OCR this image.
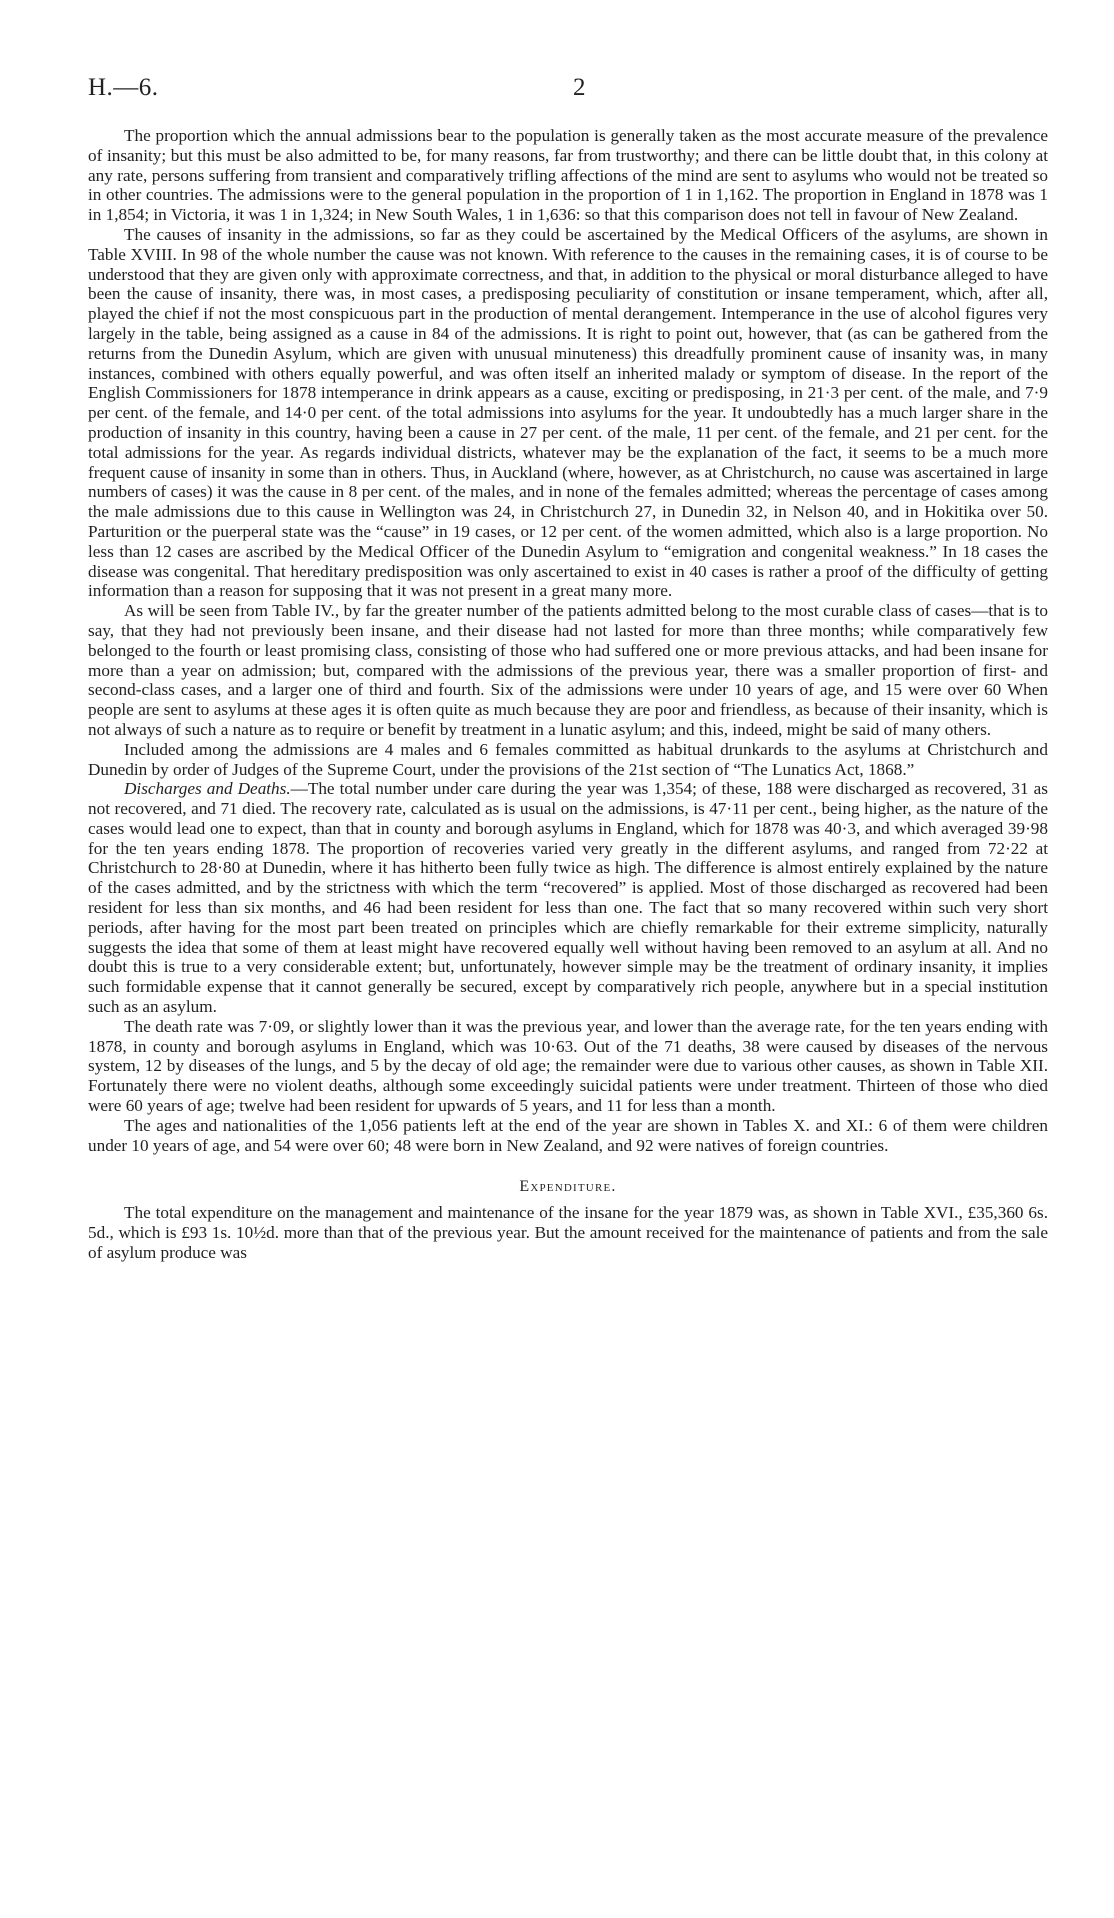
H.—6.	2

The proportion which the annual admissions bear to the population is generally taken as the most accurate measure of the prevalence of insanity; but this must be also admitted to be, for many reasons, far from trustworthy; and there can be little doubt that, in this colony at any rate, persons suffering from transient and comparatively trifling affections of the mind are sent to asylums who would not be treated so in other countries. The admissions were to the general population in the proportion of 1 in 1,162. The proportion in England in 1878 was 1 in 1,854; in Victoria, it was 1 in 1,324; in New South Wales, 1 in 1,636: so that this comparison does not tell in favour of New Zealand.

The causes of insanity in the admissions, so far as they could be ascertained by the Medical Officers of the asylums, are shown in Table XVIII. In 98 of the whole number the cause was not known. With reference to the causes in the remaining cases, it is of course to be understood that they are given only with approximate correctness, and that, in addition to the physical or moral disturbance alleged to have been the cause of insanity, there was, in most cases, a predisposing peculiarity of constitution or insane temperament, which, after all, played the chief if not the most conspicuous part in the production of mental derangement. Intemperance in the use of alcohol figures very largely in the table, being assigned as a cause in 84 of the admissions. It is right to point out, however, that (as can be gathered from the returns from the Dunedin Asylum, which are given with unusual minuteness) this dreadfully prominent cause of insanity was, in many instances, combined with others equally powerful, and was often itself an inherited malady or symptom of disease. In the report of the English Commissioners for 1878 intemperance in drink appears as a cause, exciting or predisposing, in 21·3 per cent. of the male, and 7·9 per cent. of the female, and 14·0 per cent. of the total admissions into asylums for the year. It undoubtedly has a much larger share in the production of insanity in this country, having been a cause in 27 per cent. of the male, 11 per cent. of the female, and 21 per cent. for the total admissions for the year. As regards individual districts, whatever may be the explanation of the fact, it seems to be a much more frequent cause of insanity in some than in others. Thus, in Auckland (where, however, as at Christchurch, no cause was ascertained in large numbers of cases) it was the cause in 8 per cent. of the males, and in none of the females admitted; whereas the percentage of cases among the male admissions due to this cause in Wellington was 24, in Christchurch 27, in Dunedin 32, in Nelson 40, and in Hokitika over 50. Parturition or the puerperal state was the “cause” in 19 cases, or 12 per cent. of the women admitted, which also is a large proportion. No less than 12 cases are ascribed by the Medical Officer of the Dunedin Asylum to “emigration and congenital weakness.” In 18 cases the disease was congenital. That hereditary predisposition was only ascertained to exist in 40 cases is rather a proof of the difficulty of getting information than a reason for supposing that it was not present in a great many more.

As will be seen from Table IV., by far the greater number of the patients admitted belong to the most curable class of cases—that is to say, that they had not previously been insane, and their disease had not lasted for more than three months; while comparatively few belonged to the fourth or least promising class, consisting of those who had suffered one or more previous attacks, and had been insane for more than a year on admission; but, compared with the admissions of the previous year, there was a smaller proportion of first- and second-class cases, and a larger one of third and fourth. Six of the admissions were under 10 years of age, and 15 were over 60 When people are sent to asylums at these ages it is often quite as much because they are poor and friendless, as because of their insanity, which is not always of such a nature as to require or benefit by treatment in a lunatic asylum; and this, indeed, might be said of many others.

Included among the admissions are 4 males and 6 females committed as habitual drunkards to the asylums at Christchurch and Dunedin by order of Judges of the Supreme Court, under the provisions of the 21st section of “The Lunatics Act, 1868.”

Discharges and Deaths.—The total number under care during the year was 1,354; of these, 188 were discharged as recovered, 31 as not recovered, and 71 died. The recovery rate, calculated as is usual on the admissions, is 47·11 per cent., being higher, as the nature of the cases would lead one to expect, than that in county and borough asylums in England, which for 1878 was 40·3, and which averaged 39·98 for the ten years ending 1878. The proportion of recoveries varied very greatly in the different asylums, and ranged from 72·22 at Christchurch to 28·80 at Dunedin, where it has hitherto been fully twice as high. The difference is almost entirely explained by the nature of the cases admitted, and by the strictness with which the term “recovered” is applied. Most of those discharged as recovered had been resident for less than six months, and 46 had been resident for less than one. The fact that so many recovered within such very short periods, after having for the most part been treated on principles which are chiefly remarkable for their extreme simplicity, naturally suggests the idea that some of them at least might have recovered equally well without having been removed to an asylum at all. And no doubt this is true to a very considerable extent; but, unfortunately, however simple may be the treatment of ordinary insanity, it implies such formidable expense that it cannot generally be secured, except by comparatively rich people, anywhere but in a special institution such as an asylum.

The death rate was 7·09, or slightly lower than it was the previous year, and lower than the average rate, for the ten years ending with 1878, in county and borough asylums in England, which was 10·63. Out of the 71 deaths, 38 were caused by diseases of the nervous system, 12 by diseases of the lungs, and 5 by the decay of old age; the remainder were due to various other causes, as shown in Table XII. Fortunately there were no violent deaths, although some exceedingly suicidal patients were under treatment. Thirteen of those who died were 60 years of age; twelve had been resident for upwards of 5 years, and 11 for less than a month.

The ages and nationalities of the 1,056 patients left at the end of the year are shown in Tables X. and XI.: 6 of them were children under 10 years of age, and 54 were over 60; 48 were born in New Zealand, and 92 were natives of foreign countries.

Expenditure.

The total expenditure on the management and maintenance of the insane for the year 1879 was, as shown in Table XVI., £35,360 6s. 5d., which is £93 1s. 10½d. more than that of the previous year. But the amount received for the maintenance of patients and from the sale of asylum produce was
